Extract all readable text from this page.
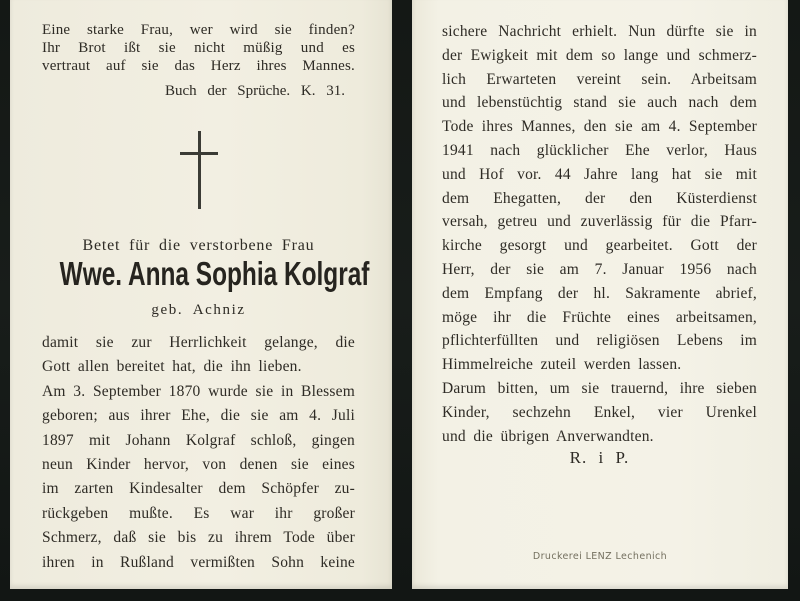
Eine starke Frau, wer wird sie finden?
Ihr Brot ißt sie nicht müßig und es
vertraut auf sie das Herz ihres Mannes.
Buch der Sprüche. K. 31.
Betet für die verstorbene Frau
Wwe. Anna Sophia Kolgraf
geb. Achniz
damit sie zur Herrlichkeit gelange, die
Gott allen bereitet hat, die ihn lieben.
Am 3. September 1870 wurde sie in Blessem
geboren; aus ihrer Ehe, die sie am 4. Juli
1897 mit Johann Kolgraf schloß, gingen
neun Kinder hervor, von denen sie eines
im zarten Kindesalter dem Schöpfer zu-
rückgeben mußte. Es war ihr großer
Schmerz, daß sie bis zu ihrem Tode über
ihren in Rußland vermißten Sohn keine
sichere Nachricht erhielt. Nun dürfte sie in
der Ewigkeit mit dem so lange und schmerz-
lich Erwarteten vereint sein. Arbeitsam
und lebenstüchtig stand sie auch nach dem
Tode ihres Mannes, den sie am 4. September
1941 nach glücklicher Ehe verlor, Haus
und Hof vor. 44 Jahre lang hat sie mit
dem Ehegatten, der den Küsterdienst
versah, getreu und zuverlässig für die Pfarr-
kirche gesorgt und gearbeitet. Gott der
Herr, der sie am 7. Januar 1956 nach
dem Empfang der hl. Sakramente abrief,
möge ihr die Früchte eines arbeitsamen,
pflichterfüllten und religiösen Lebens im
Himmelreiche zuteil werden lassen.
Darum bitten, um sie trauernd, ihre sieben
Kinder, sechzehn Enkel, vier Urenkel
und die übrigen Anverwandten.
R. i P.
Druckerei LENZ Lechenich
